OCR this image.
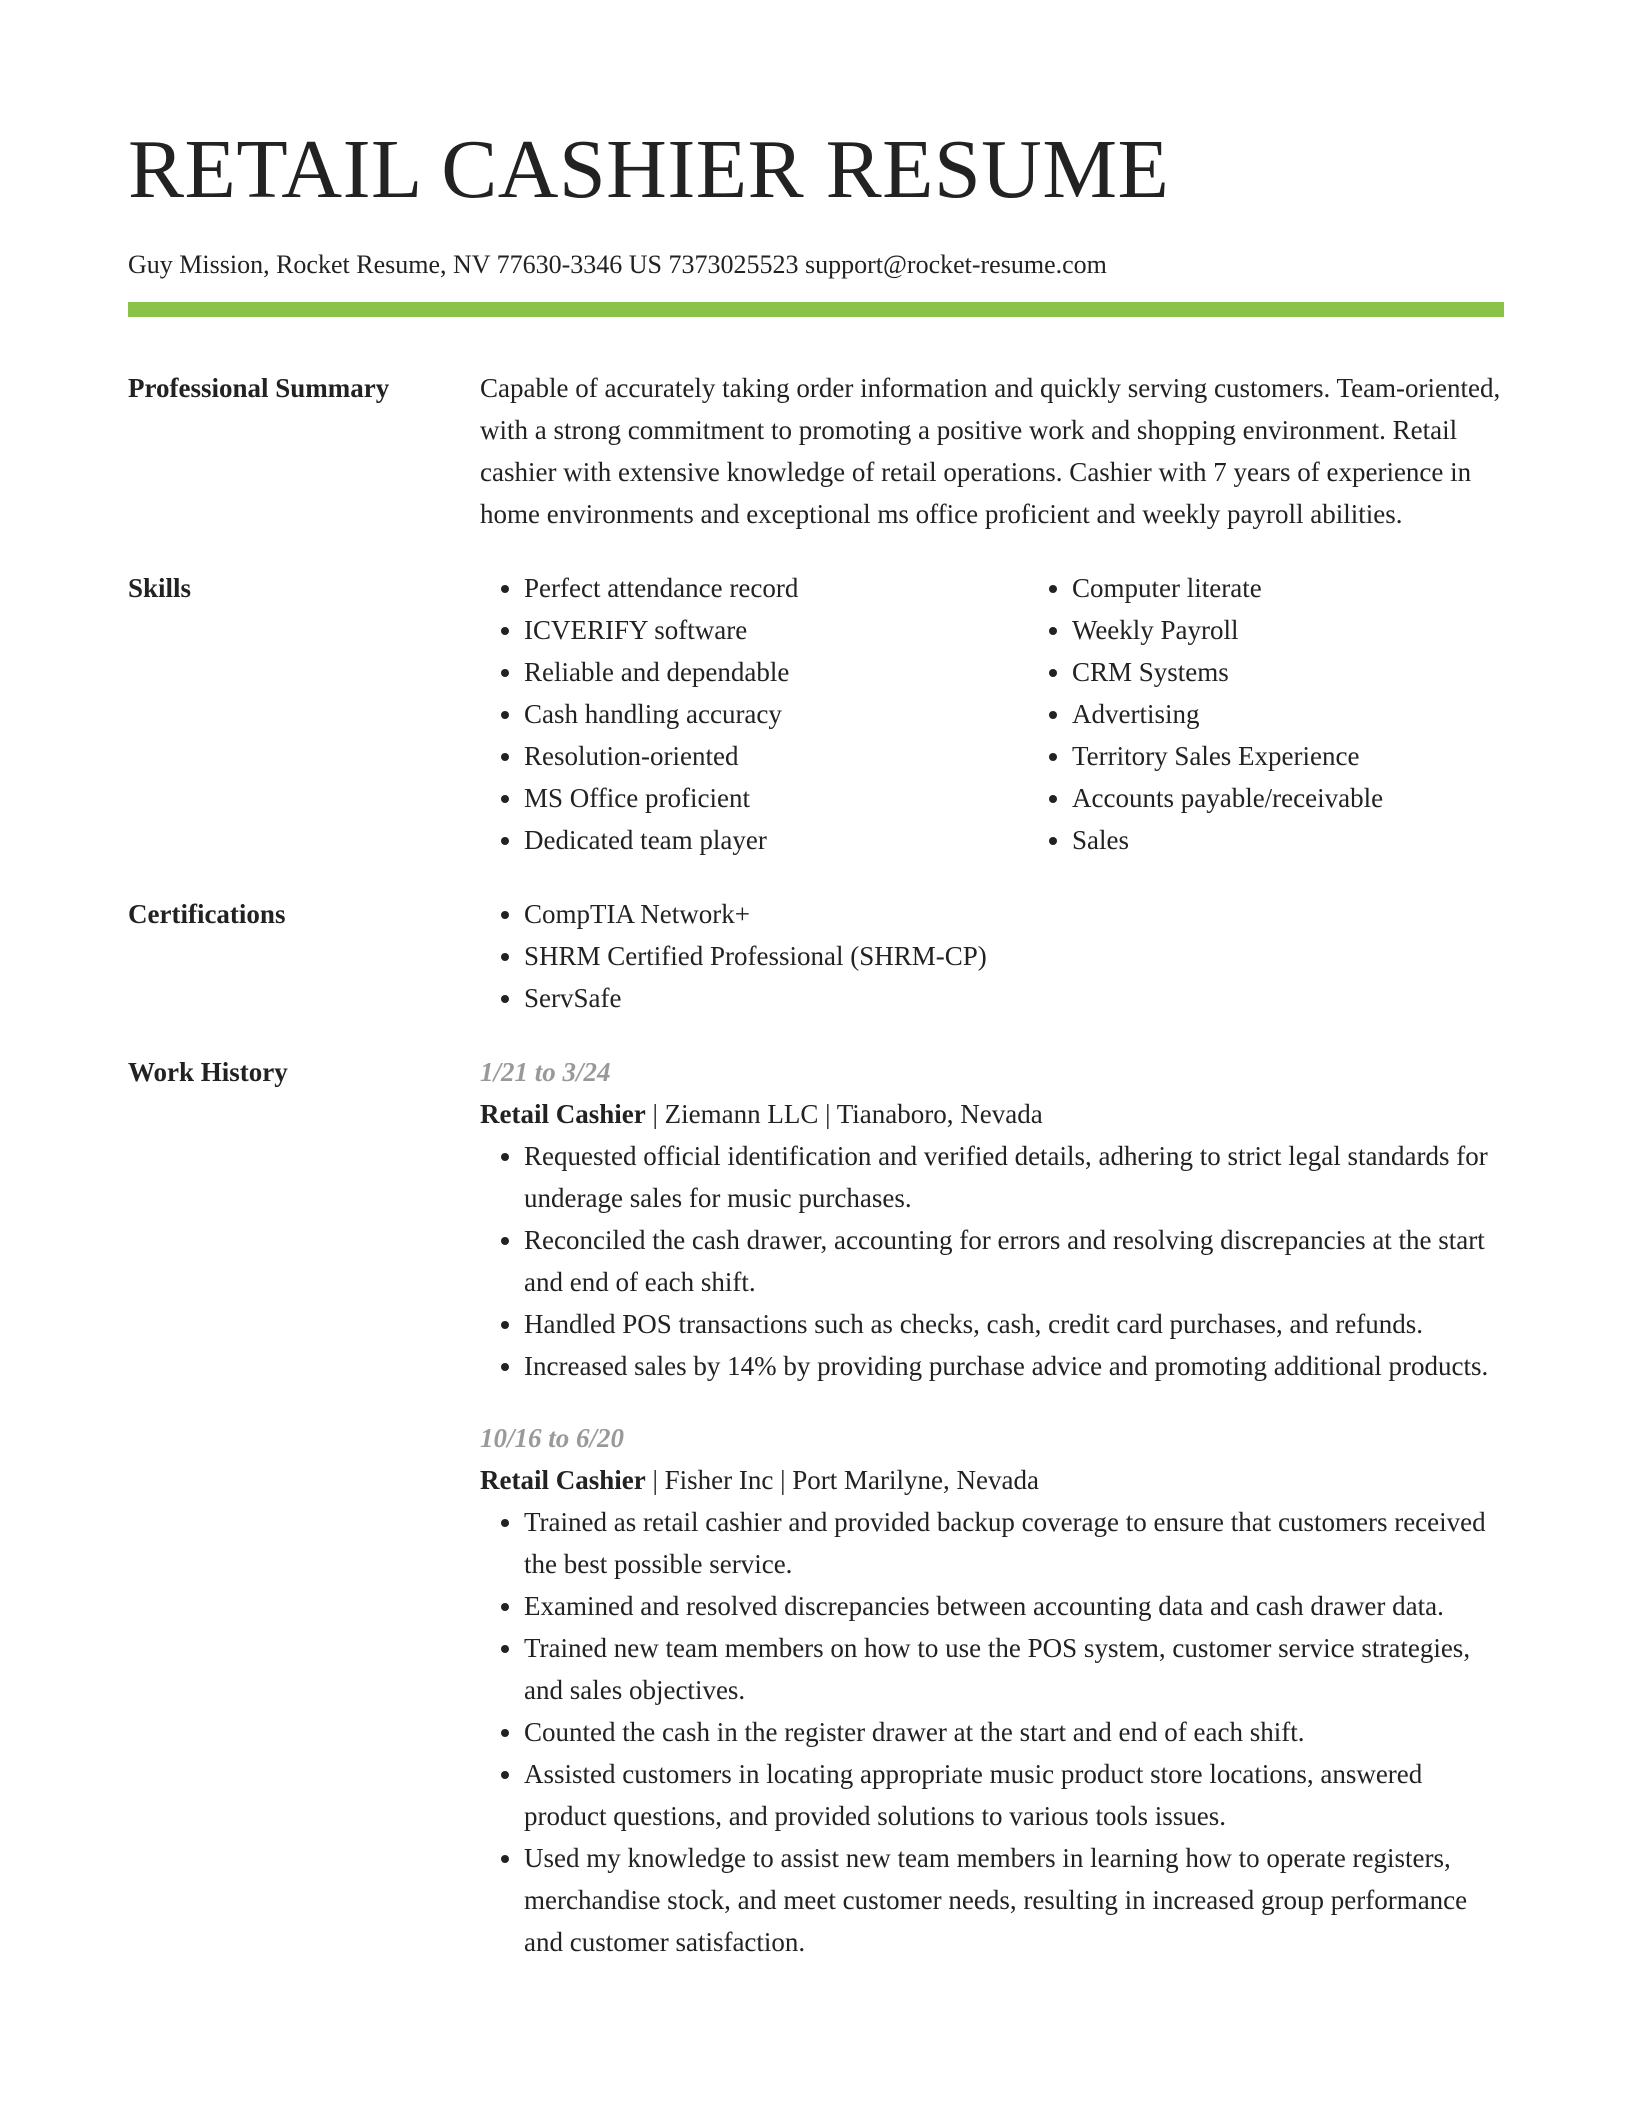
RETAIL CASHIER RESUME
Guy Mission, Rocket Resume, NV 77630-3346 US 7373025523 support@rocket-resume.com
Professional Summary	Capable of accurately taking order information and quickly serving customers. Team-oriented, with a strong commitment to promoting a positive work and shopping environment. Retail cashier with extensive knowledge of retail operations. Cashier with 7 years of experience in home environments and exceptional ms office proficient and weekly payroll abilities.
Skills	• Perfect attendance record
• ICVERIFY software
• Reliable and dependable
• Cash handling accuracy
• Resolution-oriented
• MS Office proficient
• Dedicated team player
• Computer literate
• Weekly Payroll
• CRM Systems
• Advertising
• Territory Sales Experience
• Accounts payable/receivable
• Sales
Certifications	• CompTIA Network+
• SHRM Certified Professional (SHRM-CP)
• ServSafe
Work History	1/21 to 3/24
Retail Cashier | Ziemann LLC | Tianaboro, Nevada
• Requested official identification and verified details, adhering to strict legal standards for underage sales for music purchases.
• Reconciled the cash drawer, accounting for errors and resolving discrepancies at the start and end of each shift.
• Handled POS transactions such as checks, cash, credit card purchases, and refunds.
• Increased sales by 14% by providing purchase advice and promoting additional products.
10/16 to 6/20
Retail Cashier | Fisher Inc | Port Marilyne, Nevada
• Trained as retail cashier and provided backup coverage to ensure that customers received the best possible service.
• Examined and resolved discrepancies between accounting data and cash drawer data.
• Trained new team members on how to use the POS system, customer service strategies, and sales objectives.
• Counted the cash in the register drawer at the start and end of each shift.
• Assisted customers in locating appropriate music product store locations, answered product questions, and provided solutions to various tools issues.
• Used my knowledge to assist new team members in learning how to operate registers, merchandise stock, and meet customer needs, resulting in increased group performance and customer satisfaction.
